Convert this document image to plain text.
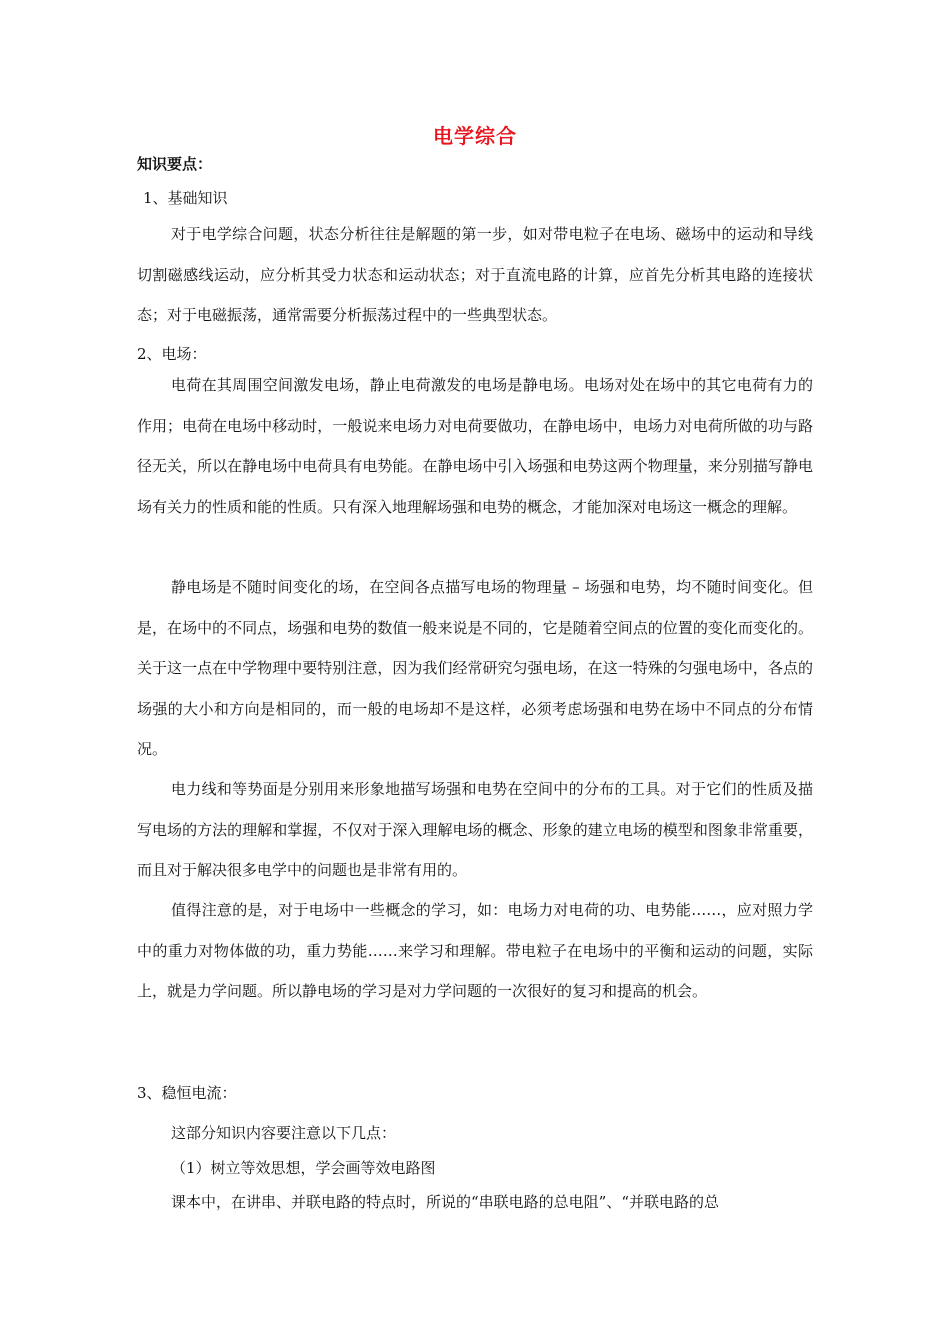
电学综合
知识要点：
1、基础知识

对于电学综合问题，状态分析往往是解题的第一步，如对带电粒子在电场、磁场中的运动和导线切割磁感线运动，应分析其受力状态和运动状态；对于直流电路的计算，应首先分析其电路的连接状态；对于电磁振荡，通常需要分析振荡过程中的一些典型状态。

2、电场：

电荷在其周围空间激发电场，静止电荷激发的电场是静电场。电场对处在场中的其它电荷有力的作用；电荷在电场中移动时，一般说来电场力对电荷要做功，在静电场中，电场力对电荷所做的功与路径无关，所以在静电场中电荷具有电势能。在静电场中引入场强和电势这两个物理量，来分别描写静电场有关力的性质和能的性质。只有深入地理解场强和电势的概念，才能加深对电场这一概念的理解。

静电场是不随时间变化的场，在空间各点描写电场的物理量 – 场强和电势，均不随时间变化。但是，在场中的不同点，场强和电势的数值一般来说是不同的，它是随着空间点的位置的变化而变化的。关于这一点在中学物理中要特别注意，因为我们经常研究匀强电场，在这一特殊的匀强电场中，各点的场强的大小和方向是相同的，而一般的电场却不是这样，必须考虑场强和电势在场中不同点的分布情况。

电力线和等势面是分别用来形象地描写场强和电势在空间中的分布的工具。对于它们的性质及描写电场的方法的理解和掌握，不仅对于深入理解电场的概念、形象的建立电场的模型和图象非常重要，而且对于解决很多电学中的问题也是非常有用的。

值得注意的是，对于电场中一些概念的学习，如：电场力对电荷的功、电势能……，应对照力学中的重力对物体做的功，重力势能……来学习和理解。带电粒子在电场中的平衡和运动的问题，实际上，就是力学问题。所以静电场的学习是对力学问题的一次很好的复习和提高的机会。

3、稳恒电流：
这部分知识内容要注意以下几点：
（1）树立等效思想，学会画等效电路图
课本中，在讲串、并联电路的特点时，所说的“串联电路的总电阻”、“并联电路的总
